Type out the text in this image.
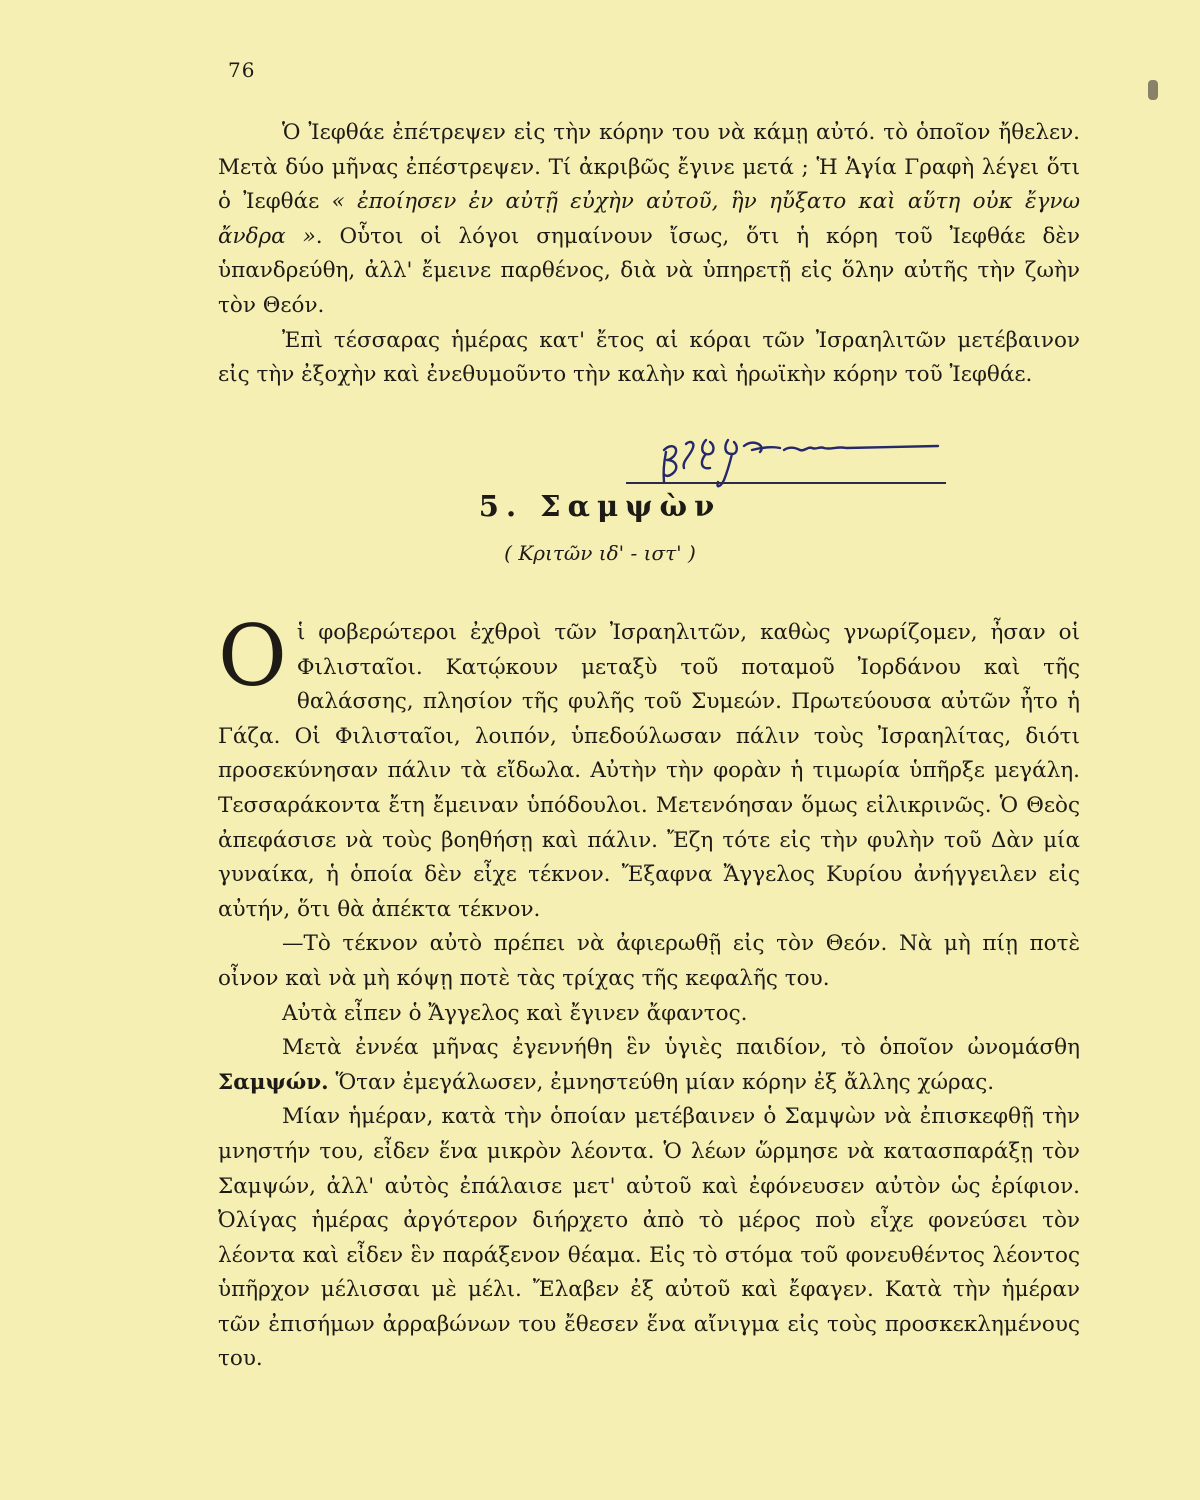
76

Ὁ Ἰεφθάε ἐπέτρεψεν εἰς τὴν κόρην του νὰ κάμῃ αὐτό. τὸ ὁποῖον ἤθελεν. Μετὰ δύο μῆνας ἐπέστρεψεν. Τί ἀκριβῶς ἔγινε μετά ; Ἡ Ἁγία Γραφὴ λέγει ὅτι ὁ Ἰεφθάε « ἐποίησεν ἐν αὐτῇ εὐχὴν αὐτοῦ, ἣν ηὔξατο καὶ αὕτη οὐκ ἔγνω ἄνδρα ». Οὗτοι οἱ λόγοι σημαίνουν ἴσως, ὅτι ἡ κόρη τοῦ Ἰεφθάε δὲν ὑπανδρεύθη, ἀλλ' ἔμεινε παρθένος, διὰ νὰ ὑπηρετῇ εἰς ὅλην αὐτῆς τὴν ζωὴν τὸν Θεόν.

Ἐπὶ τέσσαρας ἡμέρας κατ' ἔτος αἱ κόραι τῶν Ἰσραηλιτῶν μετέβαινον εἰς τὴν ἐξοχὴν καὶ ἐνεθυμοῦντο τὴν καλὴν καὶ ἡρωϊκὴν κόρην τοῦ Ἰεφθάε.

5. Σαμψὼν
( Κριτῶν ιδ' - ιστ' )

Οἱ φοβερώτεροι ἐχθροὶ τῶν Ἰσραηλιτῶν, καθὼς γνωρίζομεν, ἦσαν οἱ Φιλισταῖοι. Κατῴκουν μεταξὺ τοῦ ποταμοῦ Ἰορδάνου καὶ τῆς θαλάσσης, πλησίον τῆς φυλῆς τοῦ Συμεών. Πρωτεύουσα αὐτῶν ἦτο ἡ Γάζα. Οἱ Φιλισταῖοι, λοιπόν, ὑπεδούλωσαν πάλιν τοὺς Ἰσραηλίτας, διότι προσεκύνησαν πάλιν τὰ εἴδωλα. Αὐτὴν τὴν φορὰν ἡ τιμωρία ὑπῆρξε μεγάλη. Τεσσαράκοντα ἔτη ἔμειναν ὑπόδουλοι. Μετενόησαν ὅμως εἰλικρινῶς. Ὁ Θεὸς ἀπεφάσισε νὰ τοὺς βοηθήσῃ καὶ πάλιν. Ἔζη τότε εἰς τὴν φυλὴν τοῦ Δὰν μία γυναίκα, ἡ ὁποία δὲν εἶχε τέκνον. Ἔξαφνα Ἄγγελος Κυρίου ἀνήγγειλεν εἰς αὐτήν, ὅτι θὰ ἀπέκτα τέκνον.

—Τὸ τέκνον αὐτὸ πρέπει νὰ ἀφιερωθῇ εἰς τὸν Θεόν. Νὰ μὴ πίῃ ποτὲ οἶνον καὶ νὰ μὴ κόψῃ ποτὲ τὰς τρίχας τῆς κεφαλῆς του.

Αὐτὰ εἶπεν ὁ Ἄγγελος καὶ ἔγινεν ἄφαντος.

Μετὰ ἐννέα μῆνας ἐγεννήθη ἓν ὑγιὲς παιδίον, τὸ ὁποῖον ὠνομάσθη Σαμψών. Ὅταν ἐμεγάλωσεν, ἐμνηστεύθη μίαν κόρην ἐξ ἄλλης χώρας.

Μίαν ἡμέραν, κατὰ τὴν ὁποίαν μετέβαινεν ὁ Σαμψὼν νὰ ἐπισκεφθῇ τὴν μνηστήν του, εἶδεν ἕνα μικρὸν λέοντα. Ὁ λέων ὥρμησε νὰ κατασπαράξῃ τὸν Σαμψών, ἀλλ' αὐτὸς ἐπάλαισε μετ' αὐτοῦ καὶ ἐφόνευσεν αὐτὸν ὡς ἐρίφιον. Ὀλίγας ἡμέρας ἀργότερον διήρχετο ἀπὸ τὸ μέρος ποὺ εἶχε φονεύσει τὸν λέοντα καὶ εἶδεν ἓν παράξενον θέαμα. Εἰς τὸ στόμα τοῦ φονευθέντος λέοντος ὑπῆρχον μέλισσαι μὲ μέλι. Ἔλαβεν ἐξ αὐτοῦ καὶ ἔφαγεν. Κατὰ τὴν ἡμέραν τῶν ἐπισήμων ἀρραβώνων του ἔθεσεν ἕνα αἴνιγμα εἰς τοὺς προσκεκλημένους του.
